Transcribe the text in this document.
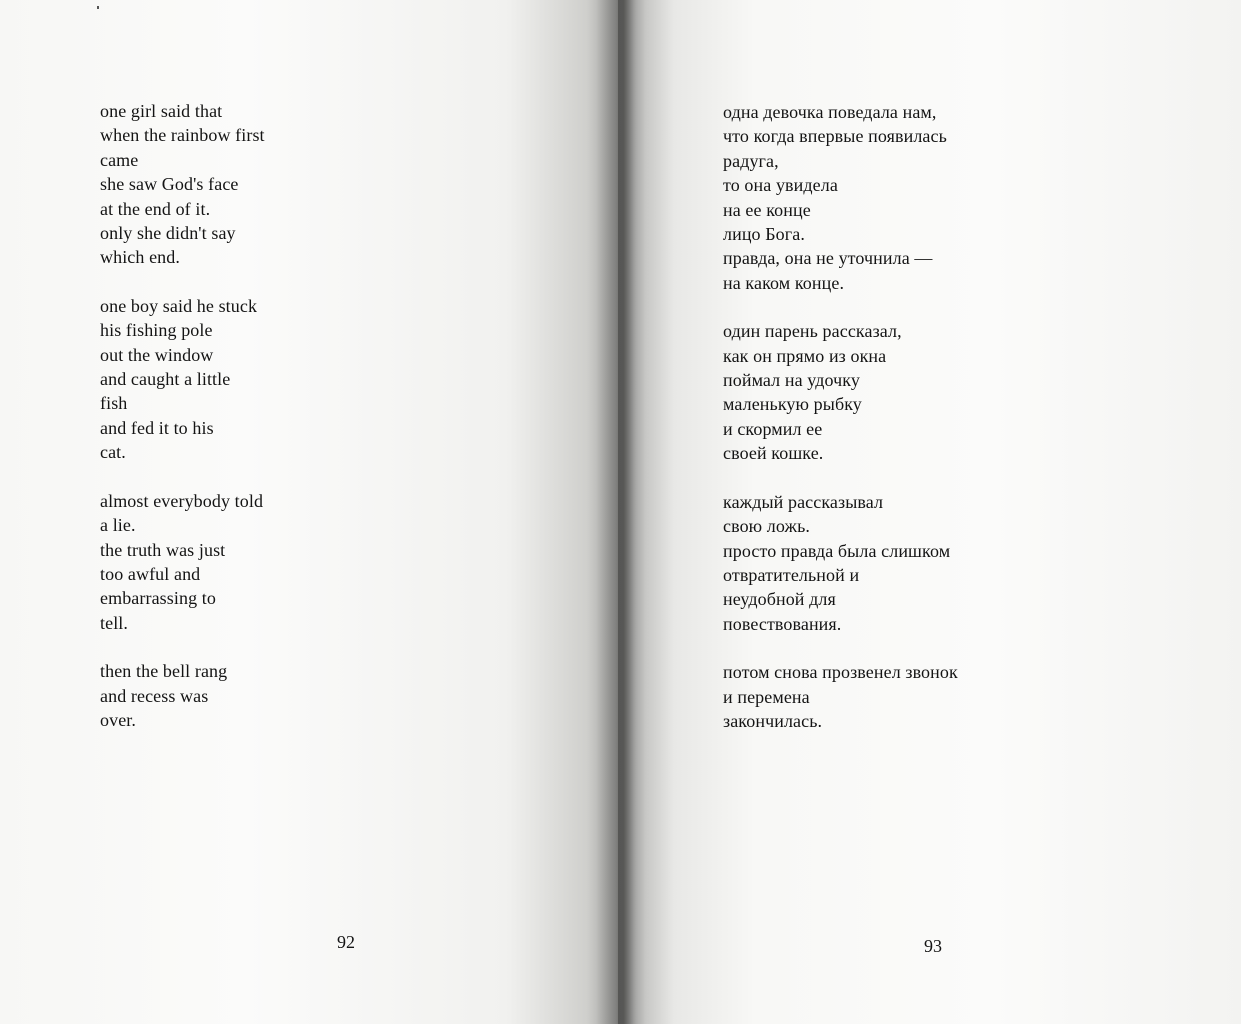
one girl said that
when the rainbow first
came
she saw God's face
at the end of it.
only she didn't say
which end.
one boy said he stuck
his fishing pole
out the window
and caught a little
fish
and fed it to his
cat.
almost everybody told
a lie.
the truth was just
too awful and
embarrassing to
tell.
then the bell rang
and recess was
over.
92
одна девочка поведала нам,
что когда впервые появилась
радуга,
то она увидела
на ее конце
лицо Бога.
правда, она не уточнила —
на каком конце.
один парень рассказал,
как он прямо из окна
поймал на удочку
маленькую рыбку
и скормил ее
своей кошке.
каждый рассказывал
свою ложь.
просто правда была слишком
отвратительной и
неудобной для
повествования.
потом снова прозвенел звонок
и перемена
закончилась.
93
